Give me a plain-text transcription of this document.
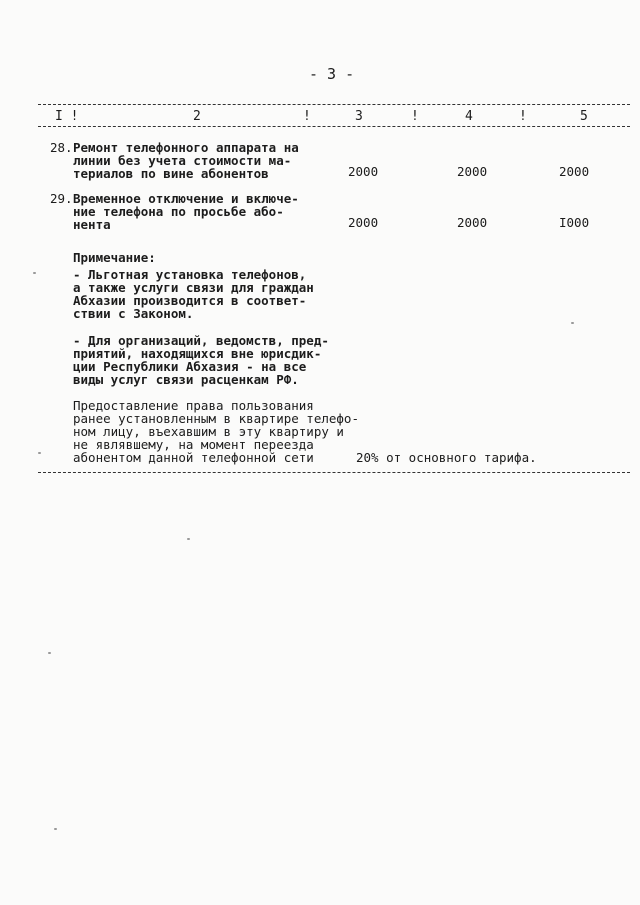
- 3 -
I !	2	!	3	!	4	!	5
28. Ремонт телефонного аппарата на
линии без учета стоимости ма-
териалов по вине абонентов	2000	2000	2000
29. Временное отключение и включе-
ние телефона по просьбе або-
нента	2000	2000	I000
Примечание:
- Льготная установка телефонов,
а также услуги связи для граждан
Абхазии производится в соответ-
ствии с Законом.
- Для организаций, ведомств, пред-
приятий, находящихся вне юрисдик-
ции Республики Абхазия - на все
виды услуг связи расценкам РФ.
Предоставление права пользования
ранее установленным в квартире телефо-
ном лицу, въехавшим в эту квартиру и
не являвшему, на момент переезда
абонентом данной телефонной сети	20% от основного тарифа.
